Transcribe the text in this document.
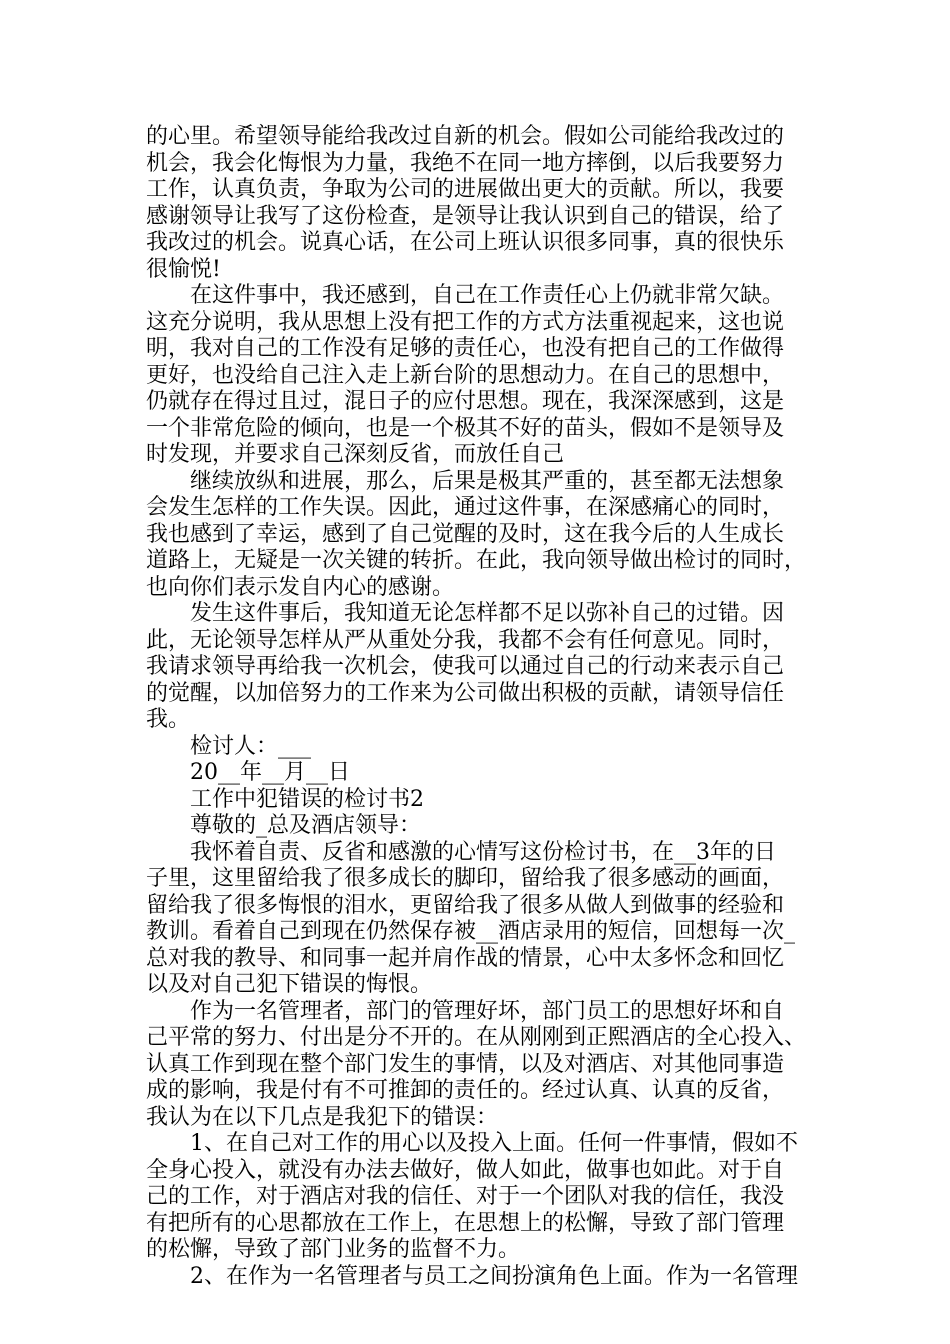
的心里。希望领导能给我改过自新的机会。假如公司能给我改过的
机会，我会化悔恨为力量，我绝不在同一地方摔倒，以后我要努力
工作，认真负责，争取为公司的进展做出更大的贡献。所以，我要
感谢领导让我写了这份检查，是领导让我认识到自己的错误，给了
我改过的机会。说真心话，在公司上班认识很多同事，真的很快乐
很愉悦!
在这件事中，我还感到，自己在工作责任心上仍就非常欠缺。
这充分说明，我从思想上没有把工作的方式方法重视起来，这也说
明，我对自己的工作没有足够的责任心，也没有把自己的工作做得
更好，也没给自己注入走上新台阶的思想动力。在自己的思想中，
仍就存在得过且过，混日子的应付思想。现在，我深深感到，这是
一个非常危险的倾向，也是一个极其不好的苗头，假如不是领导及
时发现，并要求自己深刻反省，而放任自己
继续放纵和进展，那么，后果是极其严重的，甚至都无法想象
会发生怎样的工作失误。因此，通过这件事，在深感痛心的同时，
我也感到了幸运，感到了自己觉醒的及时，这在我今后的人生成长
道路上，无疑是一次关键的转折。在此，我向领导做出检讨的同时，
也向你们表示发自内心的感谢。
发生这件事后，我知道无论怎样都不足以弥补自己的过错。因
此，无论领导怎样从严从重处分我，我都不会有任何意见。同时，
我请求领导再给我一次机会，使我可以通过自己的行动来表示自己
的觉醒，以加倍努力的工作来为公司做出积极的贡献，请领导信任
我。
检讨人：___
20__年__月__日
工作中犯错误的检讨书2
尊敬的_总及酒店领导：
我怀着自责、反省和感激的心情写这份检讨书，在__3年的日
子里，这里留给我了很多成长的脚印，留给我了很多感动的画面，
留给我了很多悔恨的泪水，更留给我了很多从做人到做事的经验和
教训。看着自己到现在仍然保存被__酒店录用的短信，回想每一次_
总对我的教导、和同事一起并肩作战的情景，心中太多怀念和回忆
以及对自己犯下错误的悔恨。
作为一名管理者，部门的管理好坏，部门员工的思想好坏和自
己平常的努力、付出是分不开的。在从刚刚到正熙酒店的全心投入、
认真工作到现在整个部门发生的事情，以及对酒店、对其他同事造
成的影响，我是付有不可推卸的责任的。经过认真、认真的反省，
我认为在以下几点是我犯下的错误：
1、在自己对工作的用心以及投入上面。任何一件事情，假如不
全身心投入，就没有办法去做好，做人如此，做事也如此。对于自
己的工作，对于酒店对我的信任、对于一个团队对我的信任，我没
有把所有的心思都放在工作上，在思想上的松懈，导致了部门管理
的松懈，导致了部门业务的监督不力。
2、在作为一名管理者与员工之间扮演角色上面。作为一名管理
